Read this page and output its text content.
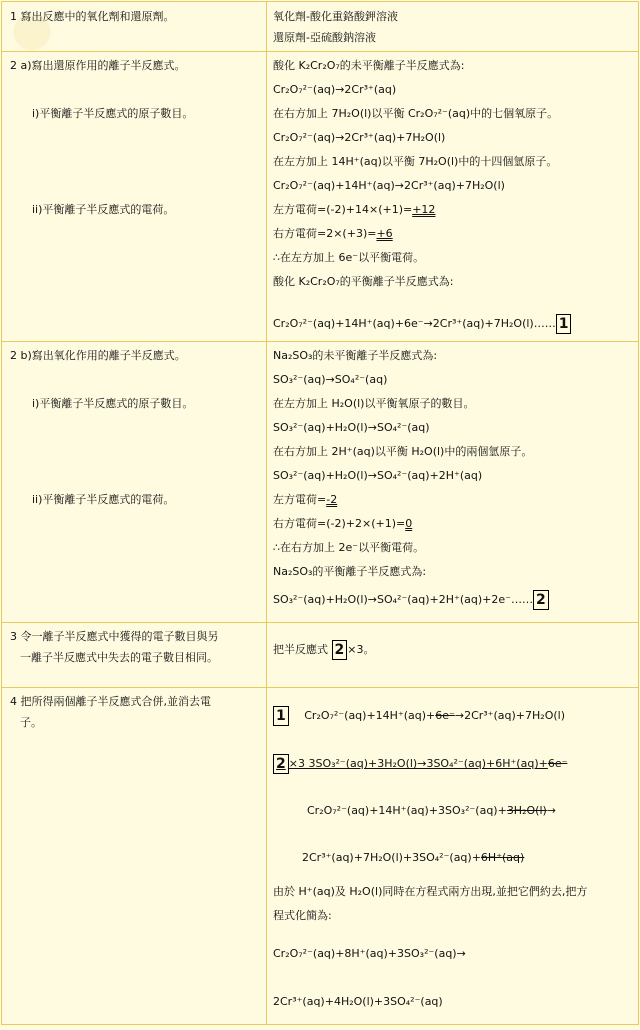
1 寫出反應中的氧化劑和還原劑。	氧化劑-酸化重鉻酸鉀溶液
還原劑-亞硫酸鈉溶液
2 a)寫出還原作用的離子半反應式。
i)平衡離子半反應式的原子數目。
ii)平衡離子半反應式的電荷。
酸化 K₂Cr₂O₇的未平衡離子半反應式為:
Cr₂O₇²⁻(aq)→2Cr³⁺(aq)
在右方加上 7H₂O(l)以平衡 Cr₂O₇²⁻(aq)中的七個氧原子。
Cr₂O₇²⁻(aq)→2Cr³⁺(aq)+7H₂O(l)
在左方加上 14H⁺(aq)以平衡 7H₂O(l)中的十四個氫原子。
Cr₂O₇²⁻(aq)+14H⁺(aq)→2Cr³⁺(aq)+7H₂O(l)
左方電荷=(-2)+14×(+1)=+12
右方電荷=2×(+3)=+6
∴在左方加上 6e⁻以平衡電荷。
酸化 K₂Cr₂O₇的平衡離子半反應式為:
Cr₂O₇²⁻(aq)+14H⁺(aq)+6e⁻→2Cr³⁺(aq)+7H₂O(l)…… 1
2 b)寫出氧化作用的離子半反應式。
i)平衡離子半反應式的原子數目。
ii)平衡離子半反應式的電荷。
Na₂SO₃的未平衡離子半反應式為:
SO₃²⁻(aq)→SO₄²⁻(aq)
在左方加上 H₂O(l)以平衡氧原子的數目。
SO₃²⁻(aq)+H₂O(l)→SO₄²⁻(aq)
在右方加上 2H⁺(aq)以平衡 H₂O(l)中的兩個氫原子。
SO₃²⁻(aq)+H₂O(l)→SO₄²⁻(aq)+2H⁺(aq)
左方電荷=-2
右方電荷=(-2)+2×(+1)=0
∴在右方加上 2e⁻以平衡電荷。
Na₂SO₃的平衡離子半反應式為:
SO₃²⁻(aq)+H₂O(l)→SO₄²⁻(aq)+2H⁺(aq)+2e⁻…… 2
3 令一離子半反應式中獲得的電子數目與另
一離子半反應式中失去的電子數目相同。
把半反應式 2 ×3。
4 把所得兩個離子半反應式合併,並消去電
子。	1 Cr₂O₇²⁻(aq)+14H⁺(aq)+6e⁻→2Cr³⁺(aq)+7H₂O(l)
2 ×3 3SO₃²⁻(aq)+3H₂O(l)→3SO₄²⁻(aq)+6H⁺(aq)+6e⁻
Cr₂O₇²⁻(aq)+14H⁺(aq)+3SO₃²⁻(aq)+3H₂O(l)→
2Cr³⁺(aq)+7H₂O(l)+3SO₄²⁻(aq)+6H⁺(aq)
由於 H⁺(aq)及 H₂O(l)同時在方程式兩方出現,並把它們約去,把方
程式化簡為:
Cr₂O₇²⁻(aq)+8H⁺(aq)+3SO₃²⁻(aq)→
2Cr³⁺(aq)+4H₂O(l)+3SO₄²⁻(aq)
